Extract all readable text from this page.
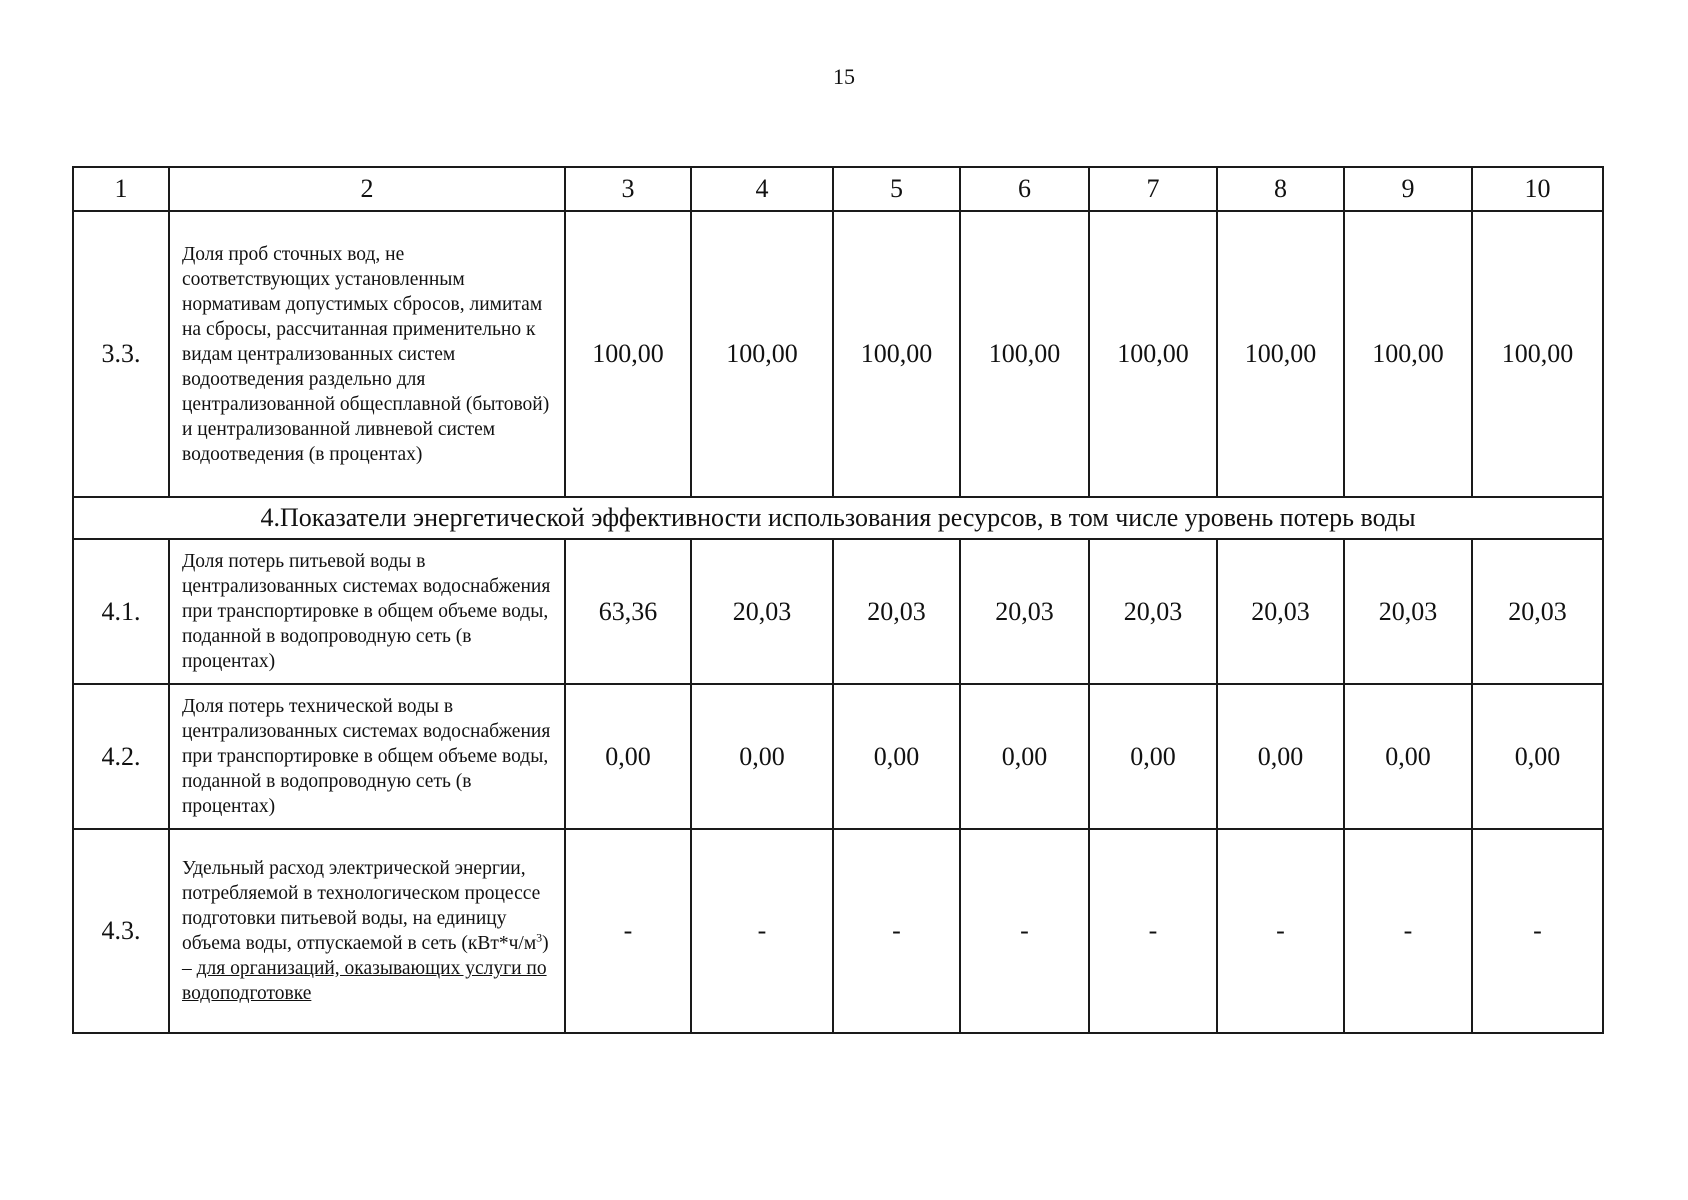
15
1	2	3	4	5	6	7	8	9	10
3.3.	Доля проб сточных вод, не соответствующих установленным нормативам допустимых сбросов, лимитам на сбросы, рассчитанная применительно к видам централизованных систем водоотведения раздельно для централизованной общесплавной (бытовой) и централизованной ливневой систем водоотведения (в процентах)	100,00	100,00	100,00	100,00	100,00	100,00	100,00	100,00
4.Показатели энергетической эффективности использования ресурсов, в том числе уровень потерь воды									
4.1.	Доля потерь питьевой воды в централизованных системах водоснабжения при транспортировке в общем объеме воды, поданной в водопроводную сеть (в процентах)	63,36	20,03	20,03	20,03	20,03	20,03	20,03	20,03
4.2.	Доля потерь технической воды в централизованных системах водоснабжения при транспортировке в общем объеме воды, поданной в водопроводную сеть (в процентах)	0,00	0,00	0,00	0,00	0,00	0,00	0,00	0,00
4.3.	Удельный расход электрической энергии, потребляемой в технологическом процессе подготовки питьевой воды, на единицу объема воды, отпускаемой в сеть $(кВт*ч/м^3)$ – для организаций, оказывающих услуги по водоподготовке	-	-	-	-	-	-	-	-
